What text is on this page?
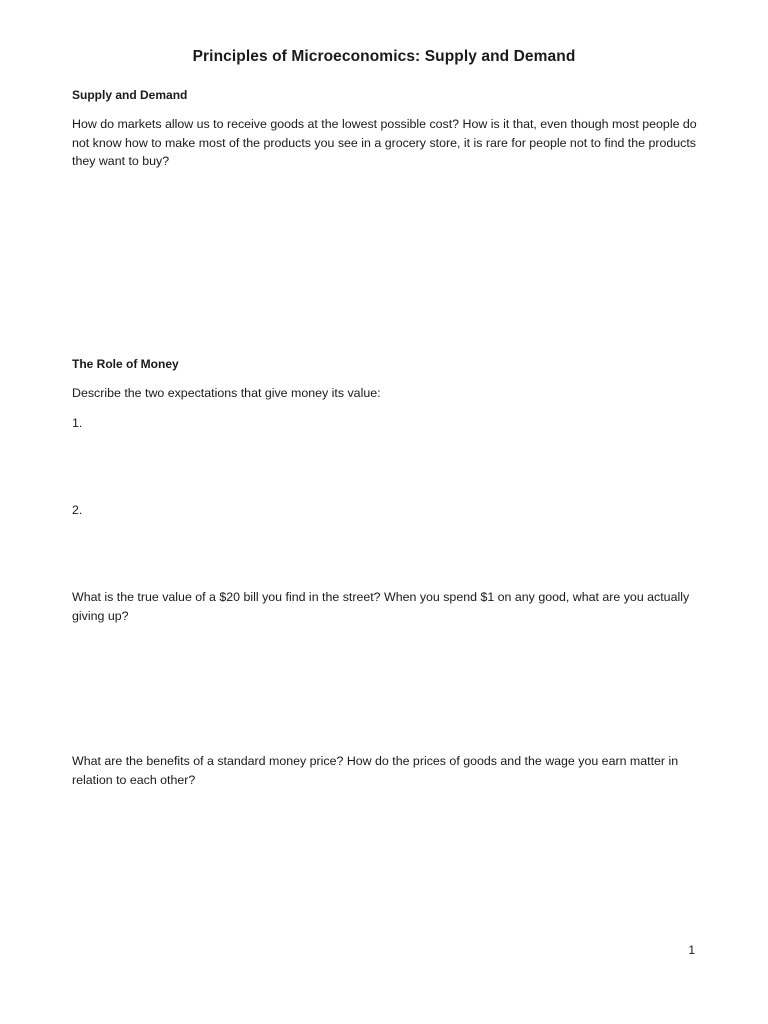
Principles of Microeconomics: Supply and Demand
Supply and Demand

How do markets allow us to receive goods at the lowest possible cost? How is it that, even though most people do not know how to make most of the products you see in a grocery store, it is rare for people not to find the products they want to buy?

The Role of Money

Describe the two expectations that give money its value:

1.

2.

What is the true value of a $20 bill you find in the street? When you spend $1 on any good, what are you actually giving up?

What are the benefits of a standard money price? How do the prices of goods and the wage you earn matter in relation to each other?

1
